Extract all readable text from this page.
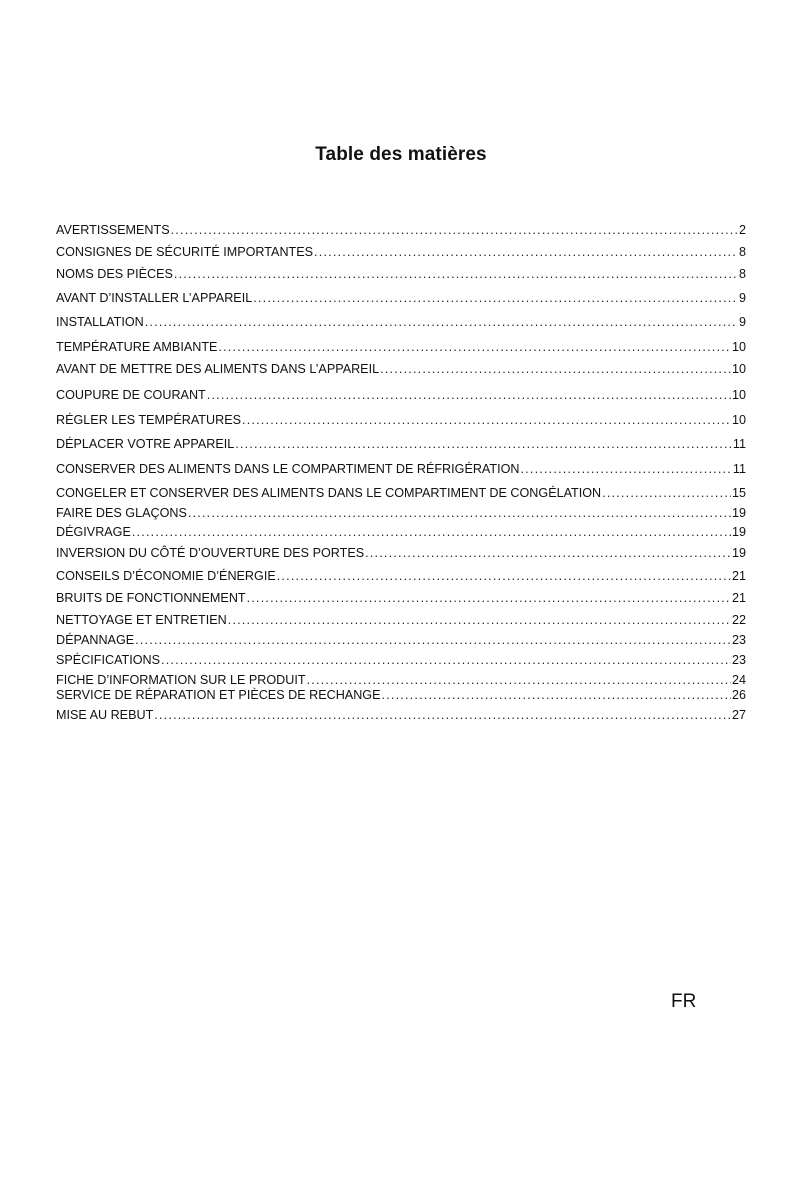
Table des matières
AVERTISSEMENTS .....	2
CONSIGNES DE SÉCURITÉ IMPORTANTES .....	8
NOMS DES PIÈCES .....	8
AVANT D’INSTALLER L’APPAREIL .....	9
INSTALLATION .....	9
TEMPÉRATURE AMBIANTE .....	10
AVANT DE METTRE DES ALIMENTS DANS L’APPAREIL .....	10
COUPURE DE COURANT .....	10
RÉGLER LES TEMPÉRATURES .....	10
DÉPLACER VOTRE APPAREIL .....	11
CONSERVER DES ALIMENTS DANS LE COMPARTIMENT DE RÉFRIGÉRATION .....	11
CONGELER ET CONSERVER DES ALIMENTS DANS LE COMPARTIMENT DE CONGÉLATION .....	15
FAIRE DES GLAÇONS .....	19
DÉGIVRAGE .....	19
INVERSION DU CÔTÉ D’OUVERTURE DES PORTES .....	19
CONSEILS D’ÉCONOMIE D’ÉNERGIE .....	21
BRUITS DE FONCTIONNEMENT .....	21
NETTOYAGE ET ENTRETIEN .....	22
DÉPANNAGE .....	23
SPÉCIFICATIONS .....	23
FICHE D’INFORMATION SUR LE PRODUIT .....	24
SERVICE DE RÉPARATION ET PIÈCES DE RECHANGE .....	26
MISE AU REBUT .....	27
FR
